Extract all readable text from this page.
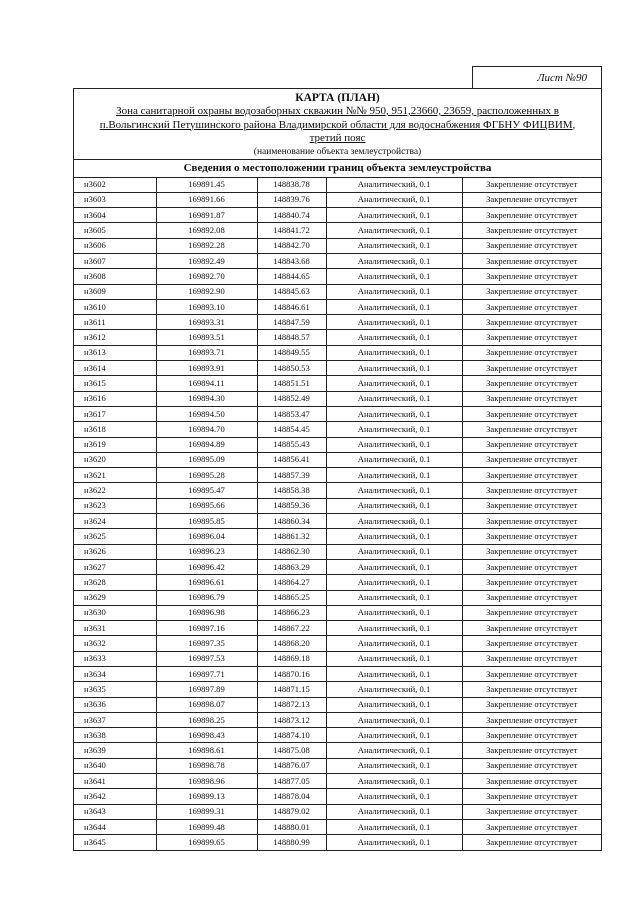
Лист №90
КАРТА (ПЛАН)
Зона санитарной охраны водозаборных скважин №№ 950, 951,23660, 23659, расположенных в
п.Вольгинский Петушинского района Владимирской области для водоснабжения ФГБНУ ФИЦВИМ,
третий пояс
(наименование объекта землеустройства)
Сведения о местоположении границ объекта землеустройства
н3602	169891.45	148838.78	Аналитический, 0.1	Закрепление отсутствует
н3603	169891.66	148839.76	Аналитический, 0.1	Закрепление отсутствует
н3604	169891.87	148840.74	Аналитический, 0.1	Закрепление отсутствует
н3605	169892.08	148841.72	Аналитический, 0.1	Закрепление отсутствует
н3606	169892.28	148842.70	Аналитический, 0.1	Закрепление отсутствует
н3607	169892.49	148843.68	Аналитический, 0.1	Закрепление отсутствует
н3608	169892.70	148844.65	Аналитический, 0.1	Закрепление отсутствует
н3609	169892.90	148845.63	Аналитический, 0.1	Закрепление отсутствует
н3610	169893.10	148846.61	Аналитический, 0.1	Закрепление отсутствует
н3611	169893.31	148847.59	Аналитический, 0.1	Закрепление отсутствует
н3612	169893.51	148848.57	Аналитический, 0.1	Закрепление отсутствует
н3613	169893.71	148849.55	Аналитический, 0.1	Закрепление отсутствует
н3614	169893.91	148850.53	Аналитический, 0.1	Закрепление отсутствует
н3615	169894.11	148851.51	Аналитический, 0.1	Закрепление отсутствует
н3616	169894.30	148852.49	Аналитический, 0.1	Закрепление отсутствует
н3617	169894.50	148853.47	Аналитический, 0.1	Закрепление отсутствует
н3618	169894.70	148854.45	Аналитический, 0.1	Закрепление отсутствует
н3619	169894.89	148855.43	Аналитический, 0.1	Закрепление отсутствует
н3620	169895.09	148856.41	Аналитический, 0.1	Закрепление отсутствует
н3621	169895.28	148857.39	Аналитический, 0.1	Закрепление отсутствует
н3622	169895.47	148858.38	Аналитический, 0.1	Закрепление отсутствует
н3623	169895.66	148859.36	Аналитический, 0.1	Закрепление отсутствует
н3624	169895.85	148860.34	Аналитический, 0.1	Закрепление отсутствует
н3625	169896.04	148861.32	Аналитический, 0.1	Закрепление отсутствует
н3626	169896.23	148862.30	Аналитический, 0.1	Закрепление отсутствует
н3627	169896.42	148863.29	Аналитический, 0.1	Закрепление отсутствует
н3628	169896.61	148864.27	Аналитический, 0.1	Закрепление отсутствует
н3629	169896.79	148865.25	Аналитический, 0.1	Закрепление отсутствует
н3630	169896.98	148866.23	Аналитический, 0.1	Закрепление отсутствует
н3631	169897.16	148867.22	Аналитический, 0.1	Закрепление отсутствует
н3632	169897.35	148868.20	Аналитический, 0.1	Закрепление отсутствует
н3633	169897.53	148869.18	Аналитический, 0.1	Закрепление отсутствует
н3634	169897.71	148870.16	Аналитический, 0.1	Закрепление отсутствует
н3635	169897.89	148871.15	Аналитический, 0.1	Закрепление отсутствует
н3636	169898.07	148872.13	Аналитический, 0.1	Закрепление отсутствует
н3637	169898.25	148873.12	Аналитический, 0.1	Закрепление отсутствует
н3638	169898.43	148874.10	Аналитический, 0.1	Закрепление отсутствует
н3639	169898.61	148875.08	Аналитический, 0.1	Закрепление отсутствует
н3640	169898.78	148876.07	Аналитический, 0.1	Закрепление отсутствует
н3641	169898.96	148877.05	Аналитический, 0.1	Закрепление отсутствует
н3642	169899.13	148878.04	Аналитический, 0.1	Закрепление отсутствует
н3643	169899.31	148879.02	Аналитический, 0.1	Закрепление отсутствует
н3644	169899.48	148880.01	Аналитический, 0.1	Закрепление отсутствует
н3645	169899.65	148880.99	Аналитический, 0.1	Закрепление отсутствует
